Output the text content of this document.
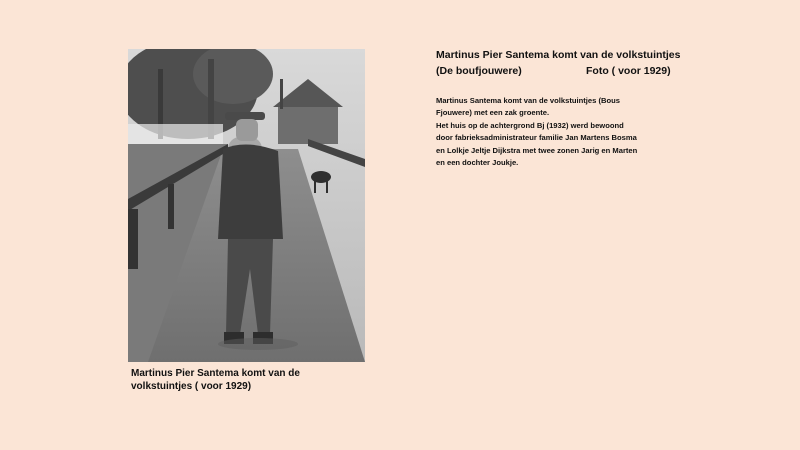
Martinus Pier Santema komt van de
volkstuintjes ( voor 1929)
Martinus Pier Santema komt van de volkstuintjes
(De boufjouwere)	Foto ( voor 1929)
Martinus Santema komt van de volkstuintjes (Bous
Fjouwere) met een zak groente.
Het huis op de achtergrond Bj (1932) werd bewoond
door fabrieksadministrateur familie Jan Martens Bosma
en Lolkje Jeltje Dijkstra met twee zonen Jarig en Marten
en een dochter Joukje.
